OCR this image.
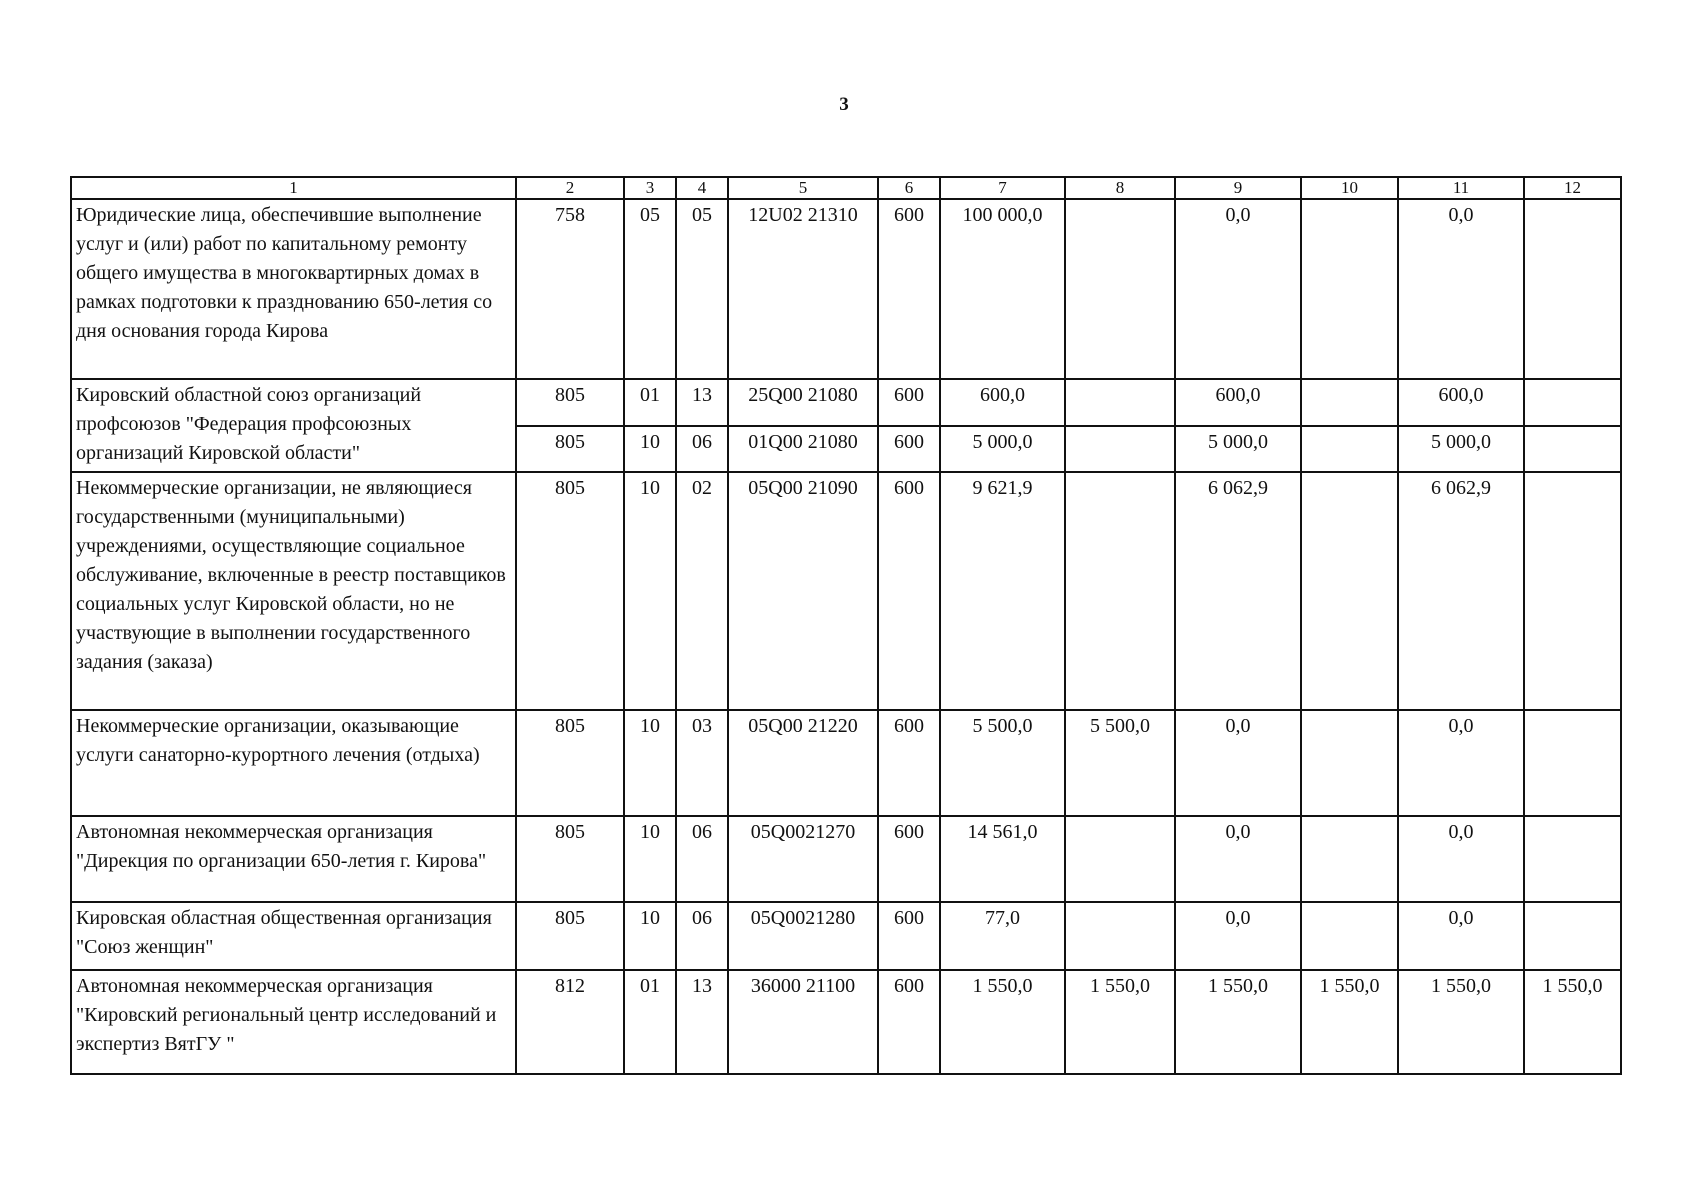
3
1	2	3	4	5	6	7	8	9	10	11	12
Юридические лица, обеспечившие выполнение услуг и (или) работ по капитальному ремонту общего имущества в многоквартирных домах в рамках подготовки к празднованию 650-летия со дня основания города Кирова	758	05	05	12U02 21310	600	100 000,0		0,0		0,0	
Кировский областной союз организаций профсоюзов "Федерация профсоюзных организаций Кировской области"	805	01	13	25Q00 21080	600	600,0		600,0		600,0	
	805	10	06	01Q00 21080	600	5 000,0		5 000,0		5 000,0	
Некоммерческие организации, не являющиеся государственными (муниципальными) учреждениями, осуществляющие социальное обслуживание, включенные в реестр поставщиков социальных услуг Кировской области, но не участвующие в выполнении государственного задания (заказа)	805	10	02	05Q00 21090	600	9 621,9		6 062,9		6 062,9	
Некоммерческие организации, оказывающие услуги санаторно-курортного лечения (отдыха)	805	10	03	05Q00 21220	600	5 500,0	5 500,0	0,0		0,0	
Автономная некоммерческая организация "Дирекция по организации 650-летия г. Кирова"	805	10	06	05Q0021270	600	14 561,0		0,0		0,0	
Кировская областная общественная организация "Союз женщин"	805	10	06	05Q0021280	600	77,0		0,0		0,0	
Автономная некоммерческая организация "Кировский региональный центр исследований и экспертиз ВятГУ "	812	01	13	36000 21100	600	1 550,0	1 550,0	1 550,0	1 550,0	1 550,0	1 550,0
